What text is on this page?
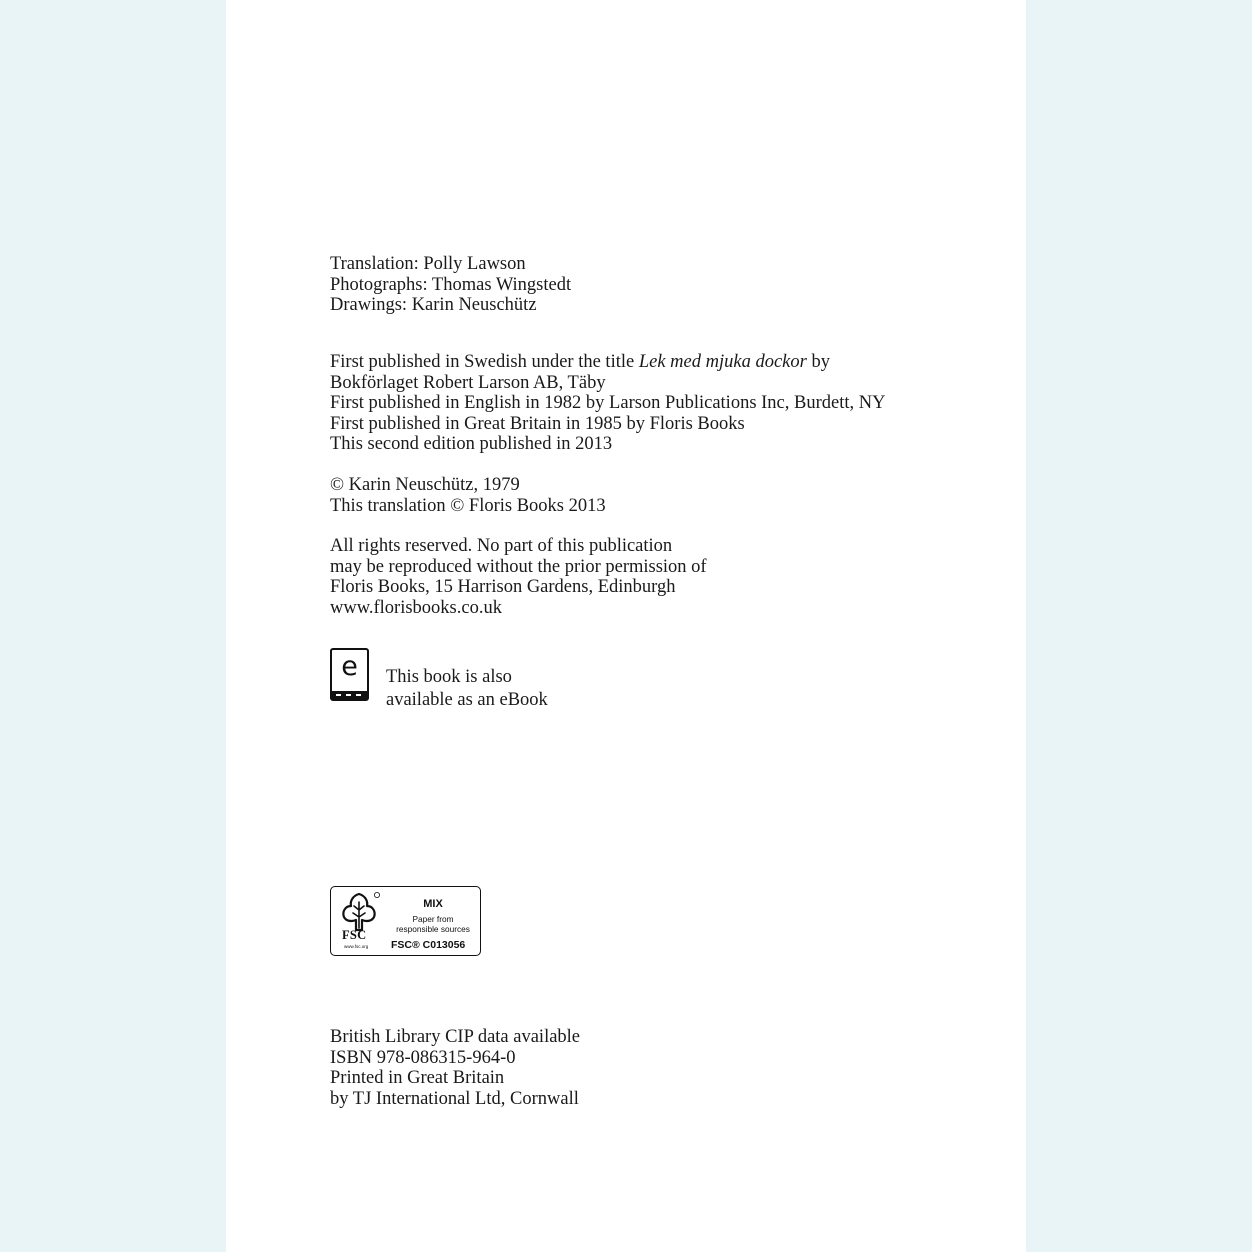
Translation: Polly Lawson
Photographs: Thomas Wingstedt
Drawings: Karin Neuschütz

First published in Swedish under the title Lek med mjuka dockor by
Bokförlaget Robert Larson AB, Täby
First published in English in 1982 by Larson Publications Inc, Burdett, NY
First published in Great Britain in 1985 by Floris Books
This second edition published in 2013

© Karin Neuschütz, 1979
This translation © Floris Books 2013

All rights reserved. No part of this publication
may be reproduced without the prior permission of
Floris Books, 15 Harrison Gardens, Edinburgh
www.florisbooks.co.uk

e	This book is also
available as an eBook
FSC
www.fsc.org
MIX
Paper from
responsible sources
FSC® C013056

British Library CIP data available
ISBN 978-086315-964-0
Printed in Great Britain
by TJ International Ltd, Cornwall
